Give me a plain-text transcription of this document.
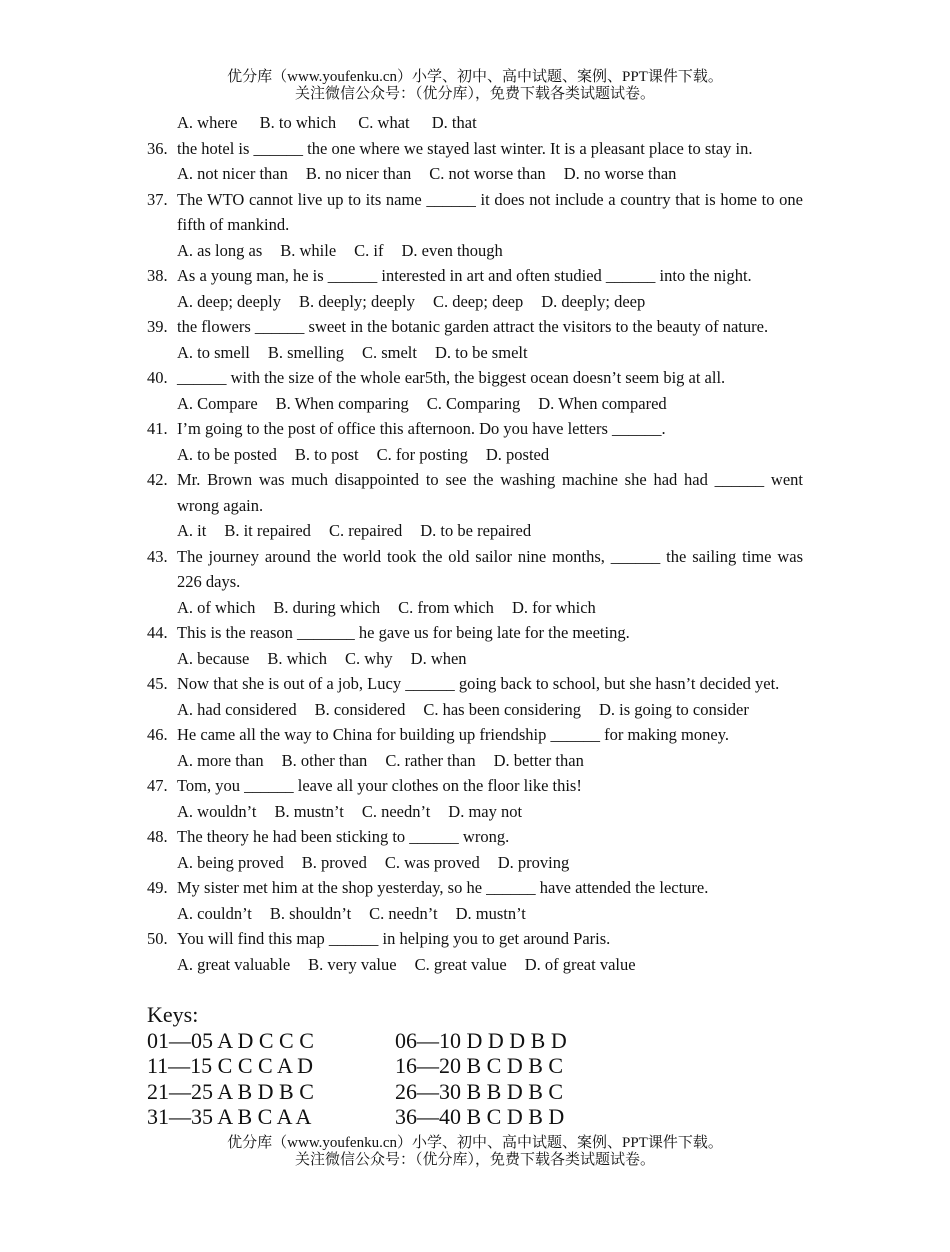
优分库（www.youfenku.cn）小学、初中、高中试题、案例、PPT课件下载。
关注微信公众号：（优分库），免费下载各类试题试卷。
A. where B. to which C. what D. that
36. the hotel is ______ the one where we stayed last winter. It is a pleasant place to stay in.
A. not nicer than B. no nicer than C. not worse than D. no worse than
37. The WTO cannot live up to its name ______ it does not include a country that is home to one fifth of mankind.
A. as long as B. while C. if D. even though
38. As a young man, he is ______ interested in art and often studied ______ into the night.
A. deep; deeply B. deeply; deeply C. deep; deep D. deeply; deep
39. the flowers ______ sweet in the botanic garden attract the visitors to the beauty of nature.
A. to smell B. smelling C. smelt D. to be smelt
40. ______ with the size of the whole ear5th, the biggest ocean doesn’t seem big at all.
A. Compare B. When comparing C. Comparing D. When compared
41. I’m going to the post of office this afternoon. Do you have letters ______.
A. to be posted B. to post C. for posting D. posted
42. Mr. Brown was much disappointed to see the washing machine she had had ______ went wrong again.
A. it B. it repaired C. repaired D. to be repaired
43. The journey around the world took the old sailor nine months, ______ the sailing time was 226 days.
A. of which B. during which C. from which D. for which
44. This is the reason _______ he gave us for being late for the meeting.
A. because B. which C. why D. when
45. Now that she is out of a job, Lucy ______ going back to school, but she hasn’t decided yet.
A. had considered B. considered C. has been considering D. is going to consider
46. He came all the way to China for building up friendship ______ for making money.
A. more than B. other than C. rather than D. better than
47. Tom, you ______ leave all your clothes on the floor like this!
A. wouldn’t B. mustn’t C. needn’t D. may not
48. The theory he had been sticking to ______ wrong.
A. being proved B. proved C. was proved D. proving
49. My sister met him at the shop yesterday, so he ______ have attended the lecture.
A. couldn’t B. shouldn’t C. needn’t D. mustn’t
50. You will find this map ______ in helping you to get around Paris.
A. great valuable B. very value C. great value D. of great value
Keys:
01—05 A D C C C	06—10 D D D B D
11—15 C C C A D	16—20 B C D B C
21—25 A B D B C	26—30 B B D B C
31—35 A B C A A	36—40 B C D B D
优分库（www.youfenku.cn）小学、初中、高中试题、案例、PPT课件下载。
关注微信公众号：（优分库），免费下载各类试题试卷。
